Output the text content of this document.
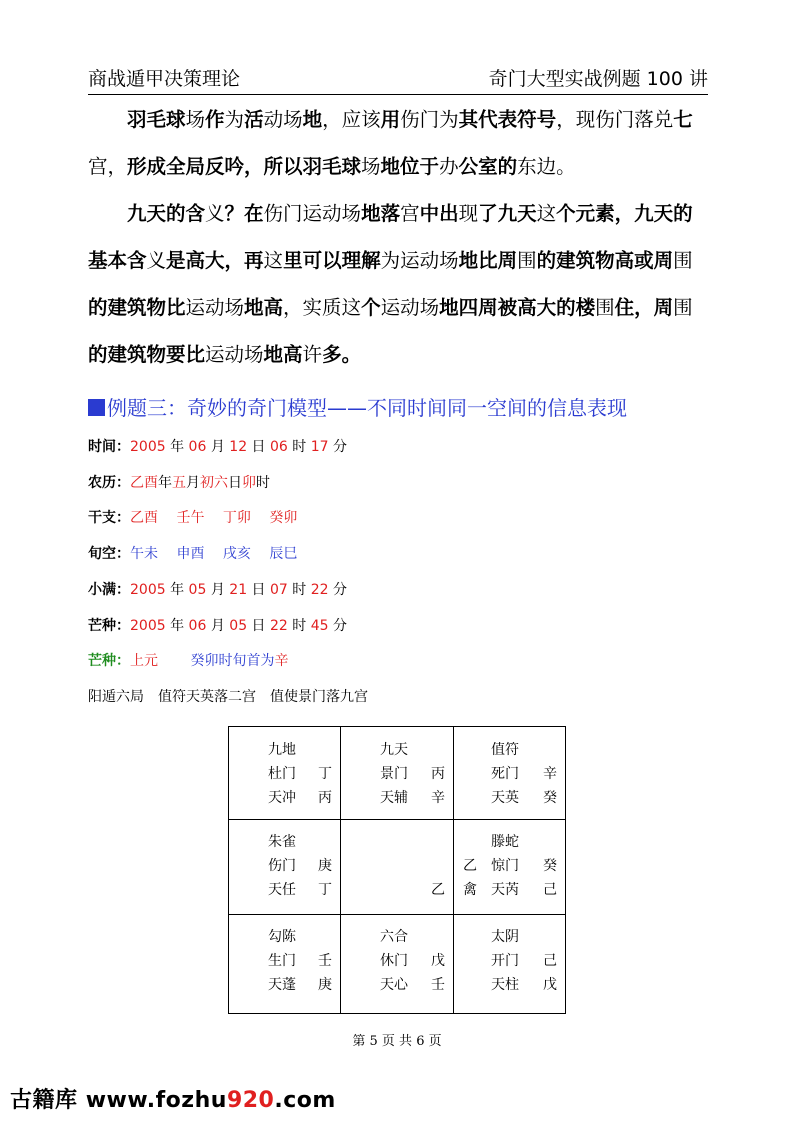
商战遁甲决策理论	奇门大型实战例题 100 讲

羽毛球场作为活动场地，应该用伤门为其代表符号，现伤门落兑七宫，形成全局反吟，所以羽毛球场地位于办公室的东边。

九天的含义？在伤门运动场地落宫中出现了九天这个元素，九天的基本含义是高大，再这里可以理解为运动场地比周围的建筑物高或周围的建筑物比运动场地高，实质这个运动场地四周被高大的楼围住，周围的建筑物要比运动场地高许多。

例题三：奇妙的奇门模型——不同时间同一空间的信息表现
时间：2005 年 06 月 12 日 06 时 17 分
农历：乙酉年五月初六日卯时
干支：乙酉　 壬午　 丁卯　 癸卯
旬空：午未　 申酉　 戌亥　 辰巳
小满：2005 年 05 月 21 日 07 时 22 分
芒种：2005 年 06 月 05 日 22 时 45 分
芒种：上元　　 癸卯时旬首为辛
阳遁六局　值符天英落二宫　值使景门落九宫
九地
杜门 丁
天冲 丙
九天
景门 丙
天辅 辛
值符
死门 辛
天英 癸
朱雀
伤门 庚
天任 丁	乙
滕蛇
惊门 癸
天芮 己
乙
禽
勾陈
生门 壬
天蓬 庚
六合
休门 戊
天心 壬
太阴
开门 己
天柱 戊
第 5 页 共 6 页
古籍库 www.fozhu920.com
